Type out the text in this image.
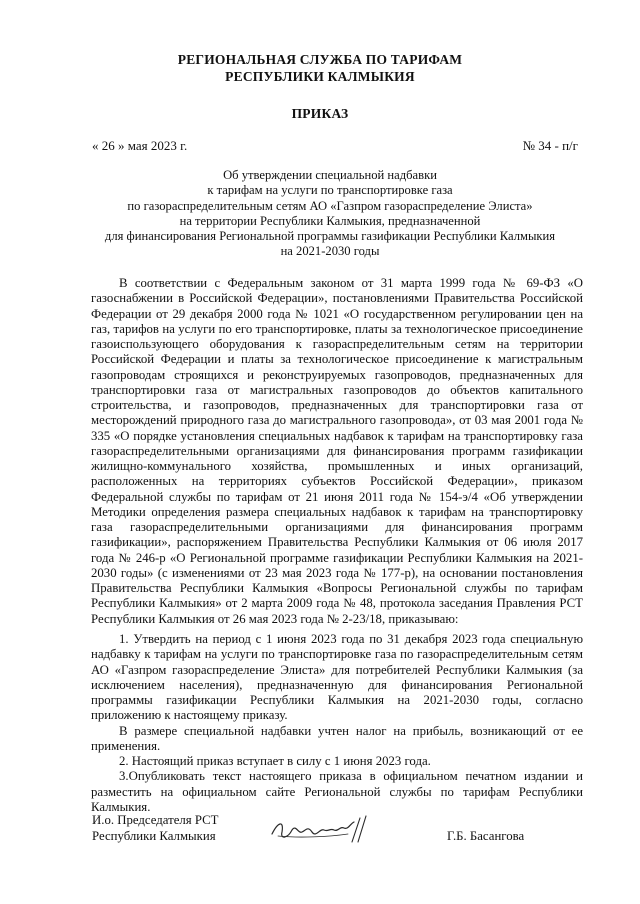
РЕГИОНАЛЬНАЯ СЛУЖБА ПО ТАРИФАМ
РЕСПУБЛИКИ КАЛМЫКИЯ
ПРИКАЗ
« 26 » мая 2023 г.	№ 34 - п/г
Об утверждении специальной надбавки
к тарифам на услуги по транспортировке газа
по газораспределительным сетям АО «Газпром газораспределение Элиста»
на территории Республики Калмыкия, предназначенной
для финансирования Региональной программы газификации Республики Калмыкия
на 2021-2030 годы
В соответствии с Федеральным законом от 31 марта 1999 года № 69-ФЗ «О газоснабжении в Российской Федерации», постановлениями Правительства Российской Федерации от 29 декабря 2000 года № 1021 «О государственном регулировании цен на газ, тарифов на услуги по его транспортировке, платы за технологическое присоединение газоиспользующего оборудования к газораспределительным сетям на территории Российской Федерации и платы за технологическое присоединение к магистральным газопроводам строящихся и реконструируемых газопроводов, предназначенных для транспортировки газа от магистральных газопроводов до объектов капитального строительства, и газопроводов, предназначенных для транспортировки газа от месторождений природного газа до магистрального газопровода», от 03 мая 2001 года № 335 «О порядке установления специальных надбавок к тарифам на транспортировку газа газораспределительными организациями для финансирования программ газификации жилищно-коммунального хозяйства, промышленных и иных организаций, расположенных на территориях субъектов Российской Федерации», приказом Федеральной службы по тарифам от 21 июня 2011 года № 154-э/4 «Об утверждении Методики определения размера специальных надбавок к тарифам на транспортировку газа газораспределительными организациями для финансирования программ газификации», распоряжением Правительства Республики Калмыкия от 06 июля 2017 года № 246-р «О Региональной программе газификации Республики Калмыкия на 2021-2030 годы» (с изменениями от 23 мая 2023 года № 177-р), на основании постановления Правительства Республики Калмыкия «Вопросы Региональной службы по тарифам Республики Калмыкия» от 2 марта 2009 года № 48, протокола заседания Правления РСТ Республики Калмыкия от 26 мая 2023 года № 2-23/18, приказываю:

1. Утвердить на период с 1 июня 2023 года по 31 декабря 2023 года специальную надбавку к тарифам на услуги по транспортировке газа по газораспределительным сетям АО «Газпром газораспределение Элиста» для потребителей Республики Калмыкия (за исключением населения), предназначенную для финансирования Региональной программы газификации Республики Калмыкия на 2021-2030 годы, согласно приложению к настоящему приказу.

В размере специальной надбавки учтен налог на прибыль, возникающий от ее применения.

2. Настоящий приказ вступает в силу с 1 июня 2023 года.

3.Опубликовать текст настоящего приказа в официальном печатном издании и разместить на официальном сайте Региональной службы по тарифам Республики Калмыкия.

И.о. Председателя РСТ
Республики Калмыкия	Г.Б. Басангова
